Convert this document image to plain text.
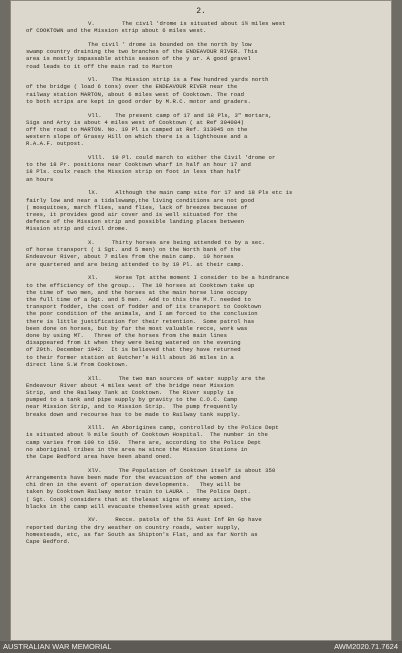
2.
V.        The civil 'drome is situated about 1½ miles west
of COOKTOWN and the Mission strip about 6 miles west.
The civil ' drome is bounded on the north by low
swamp country draining the two branches of the ENDEAVOUR RIVER. This
area is mostly impassable atthis season of the y ar. A good gravel
road leads to it off the main rad to Marton
Vl.    The Mission strip is a few hundred yards north
of the bridge ( load 6 tons) over the ENDEAVOUR RIVER near the
railway station MARTON, about 6 miles west of Cooktown. The road
to both strips are kept in good order by M.R.C. motor and graders.
Vll.    The present camp of 17 and 18 Pls, 3" mortars,
Sigs and Arty is about 4 miles west of Cooktown ( at Ref 304084)
off the road to MARTON. No. 19 Pl is camped at Ref. 313045 on the
western slope of Grassy Hill on which there is a lighthouse and a
R.A.A.F. outpost.
Vlll.  19 Pl. could march to either the Civil 'drome or
to the 18 Pr. positions near Cooktown wharf in half an hour 17 and
18 Pls. coulx reach the Mission strip on foot in less than half
an hours
lX.     Although the main camp site for 17 and 18 Pls etc is
fairly low and near a tidalswamp,the living conditions are not good
( mosquitoes, march flies, sand flies, lack of breezes because of
trees, it provides good air cover and is well situated for the
defence of the Mission strip and possible landing places between
Mission strip and civil drome.
X.     Thirty horses are being attended to by a sec.
of horse transport ( 1 Sgt. and 5 men) on the North bank of the
Endeavour River, about 7 miles from the main camp.  10 horses
are quartered and are being attended to by 19 Pl. at their camp.
Xl.     Horse Tpt atthe moment I consider to be a hindrance
to the efficiency of the group..  The 10 horses at Cooktown take up
the time of two men, and the horses at the main horse line occupy
the full time of a Sgt. and 5 men.  Add to this the M.T. needed to
transport fodder, the cost of fodder and of its transport to Cooktown
the poor condition of the animals, and I am forced to the conclusion
there is little justification for their retention.  Some patrol has
been done on horses, but by far the most valuable recce, work was
done by using MT.   Three of the horses from the main lines
disappeared from it when they were being watered on the evening
of 29th. December 1942.  It is believed that they have returned
to their former station at Butcher's Hill about 36 miles in a
direct line S.W from Cooktown.
Xll.     The two man sources of water supply are the
Endeavour River about 4 miles west of the bridge near Mission
Strip, and the Railway Tank at Cooktown.  The River supply is
pumped to a tank and pipe supply by gravity to the C.O.C. Camp
near Mission Strip, and to Mission Strip.  The pump frequently
breaks down and recourse has to be made to Railway tank supply.
Xlll.  An Aborigines camp, controlled by the Police Dept
is situated about ½ mile South of Cooktown Hospital.  The number in the
camp varies from 100 to 150.  There are, according to the Police Dept
no aboriginal tribes in the area nw since the Mission Stations in
the Cape Bedford area have been aband oned.
XlV.     The Population of Cooktown itself is about 350
Arrangements have been made for the evacuation of the women and
chi dren in the event of operation developments.   They will be
taken by Cooktown Railway motor train to LAURA .  The Police Dept.
( Sgt. Cook) considers that at thelesat signs of enemy action, the
blacks in the camp will evacuate themselves with great speed.
XV.     Recce. patols of the 51 Aust Inf Bn Gp have
reported during the dry weather on country roads, water supply,
homesteads, etc, as far South as Shipton's Flat, and as far North as
Cape Bedford.
AUSTRALIAN WAR MEMORIAL	AWM2020.71.7624
